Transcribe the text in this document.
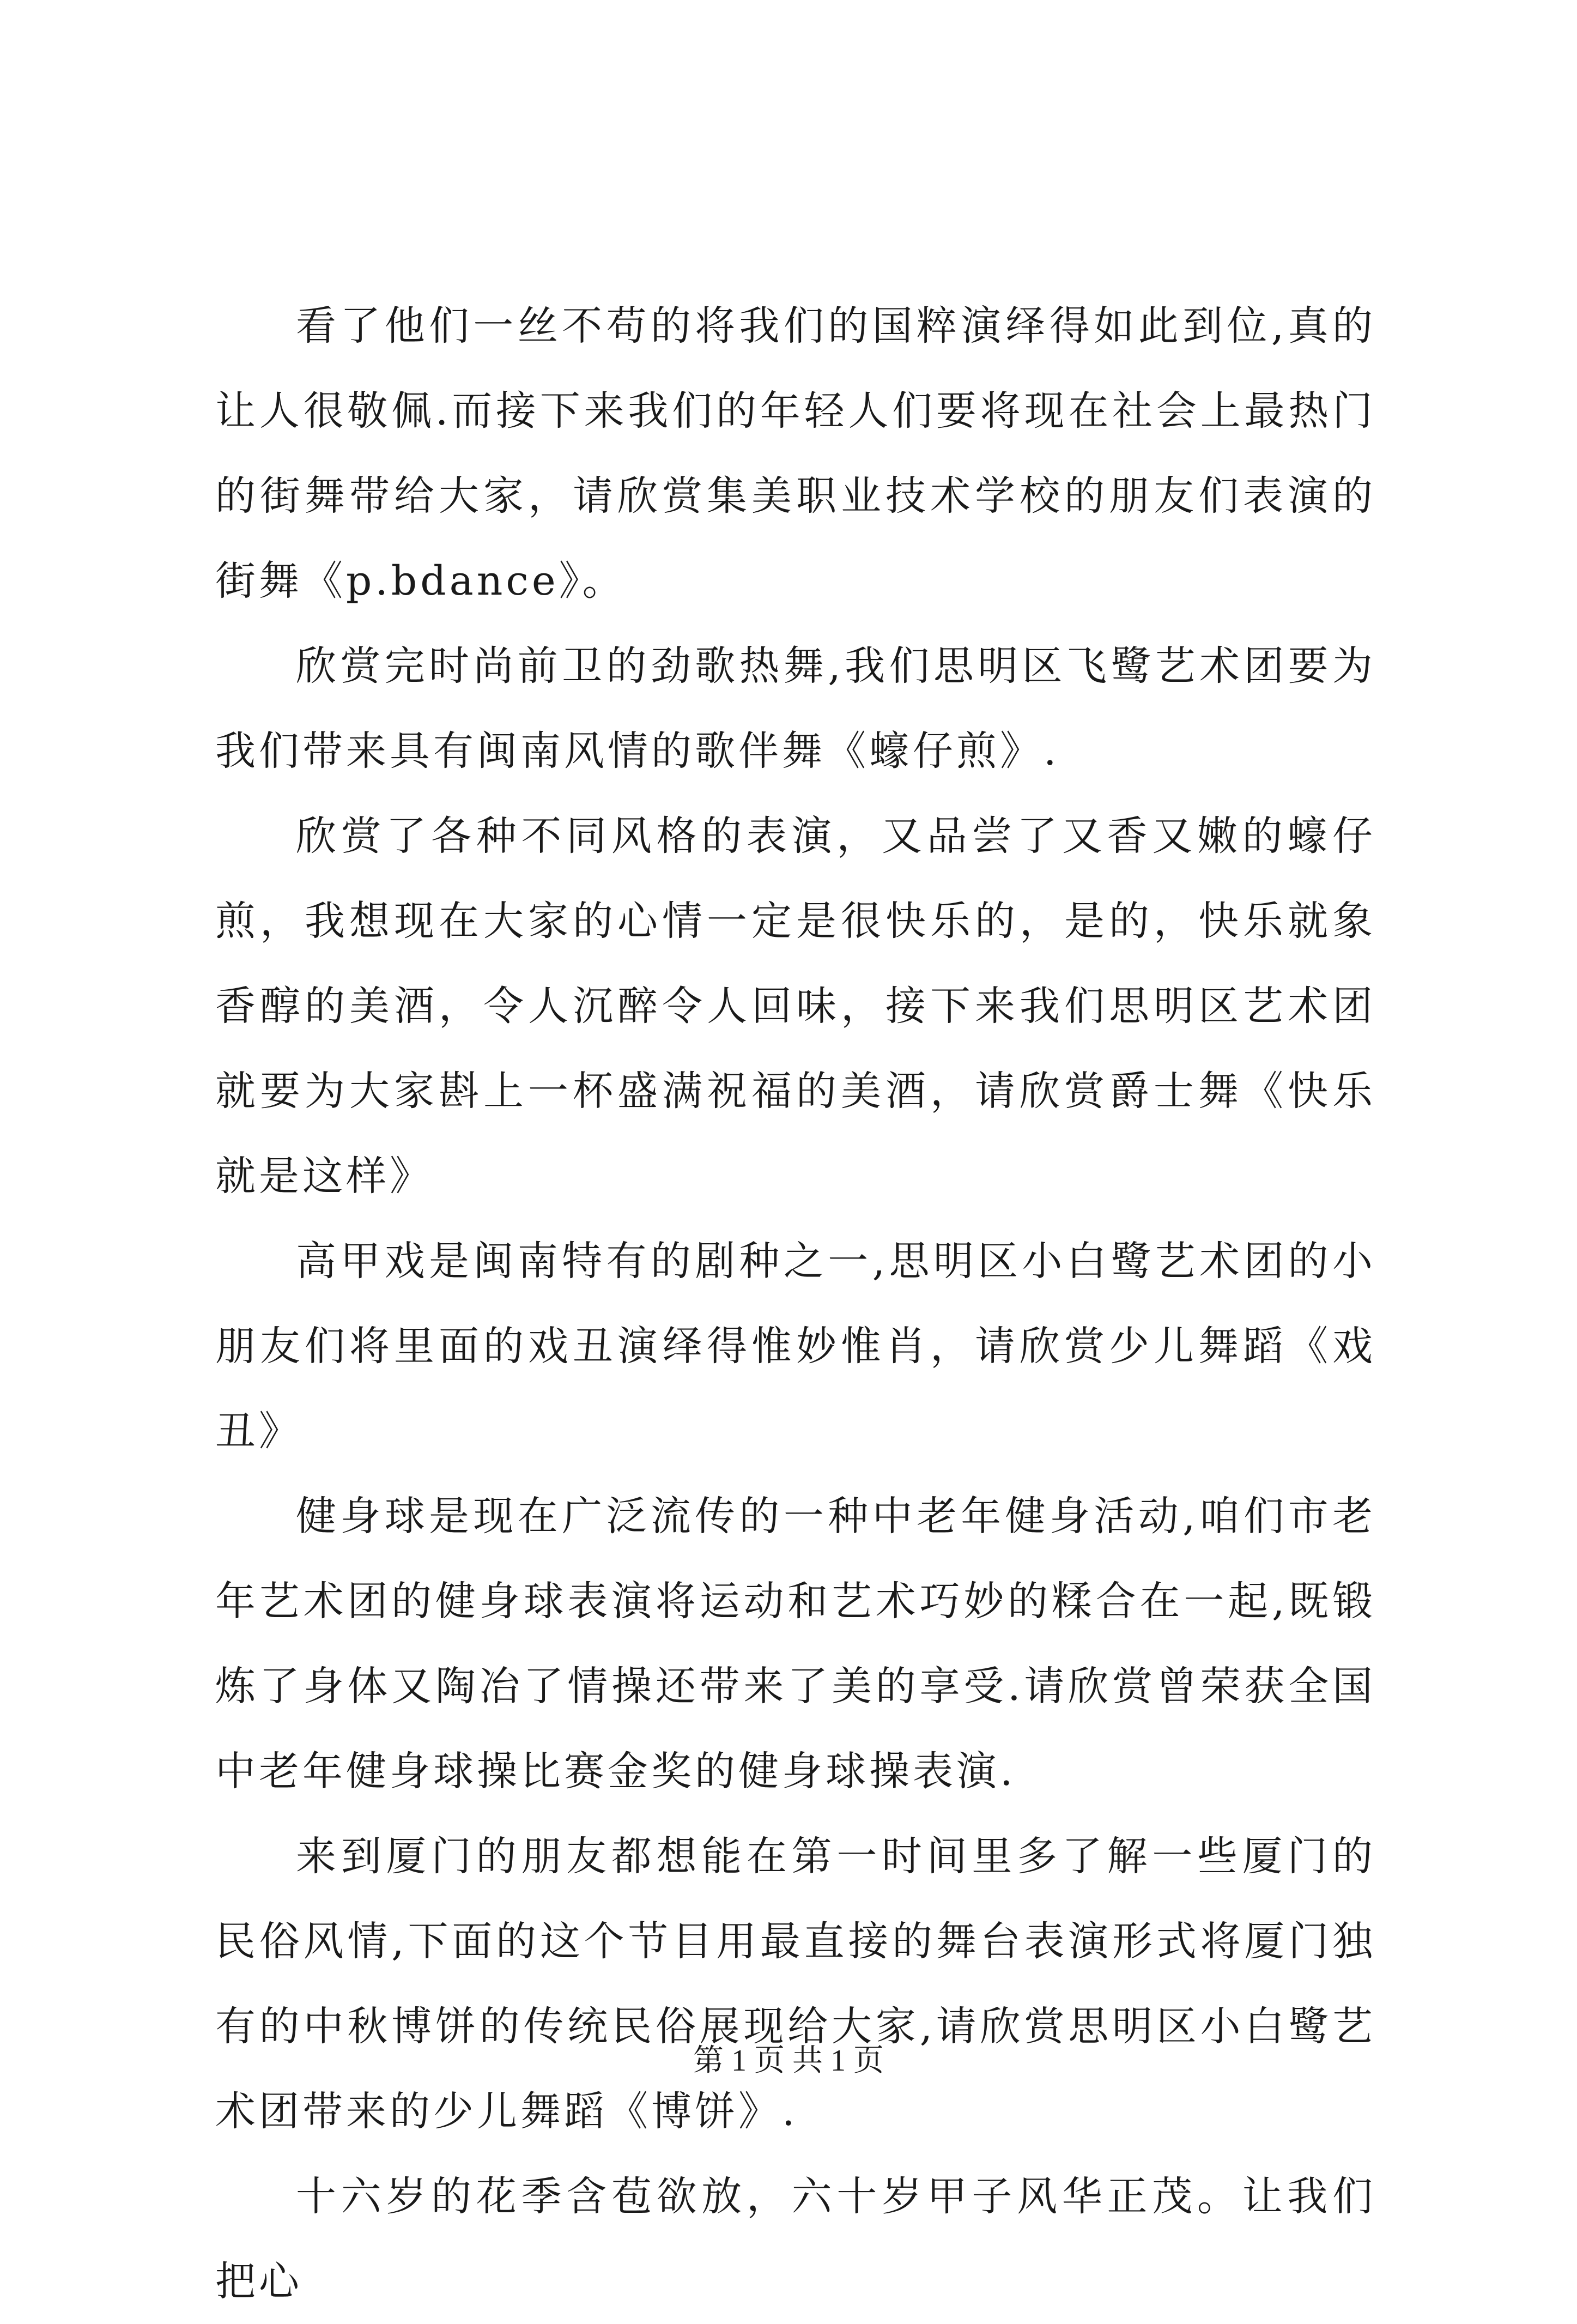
看了他们一丝不苟的将我们的国粹演绎得如此到位,真的让人很敬佩.而接下来我们的年轻人们要将现在社会上最热门的街舞带给大家，请欣赏集美职业技术学校的朋友们表演的街舞《p.bdance》。

欣赏完时尚前卫的劲歌热舞,我们思明区飞鹭艺术团要为我们带来具有闽南风情的歌伴舞《蠔仔煎》.

欣赏了各种不同风格的表演，又品尝了又香又嫩的蠔仔煎，我想现在大家的心情一定是很快乐的，是的，快乐就象香醇的美酒，令人沉醉令人回味，接下来我们思明区艺术团就要为大家斟上一杯盛满祝福的美酒，请欣赏爵士舞《快乐就是这样》

高甲戏是闽南特有的剧种之一,思明区小白鹭艺术团的小朋友们将里面的戏丑演绎得惟妙惟肖，请欣赏少儿舞蹈《戏丑》

健身球是现在广泛流传的一种中老年健身活动,咱们市老年艺术团的健身球表演将运动和艺术巧妙的糅合在一起,既锻炼了身体又陶冶了情操还带来了美的享受.请欣赏曾荣获全国中老年健身球操比赛金奖的健身球操表演.

来到厦门的朋友都想能在第一时间里多了解一些厦门的民俗风情,下面的这个节目用最直接的舞台表演形式将厦门独有的中秋博饼的传统民俗展现给大家,请欣赏思明区小白鹭艺术团带来的少儿舞蹈《博饼》.

十六岁的花季含苞欲放，六十岁甲子风华正茂。让我们把心

第 1 页 共 1 页
